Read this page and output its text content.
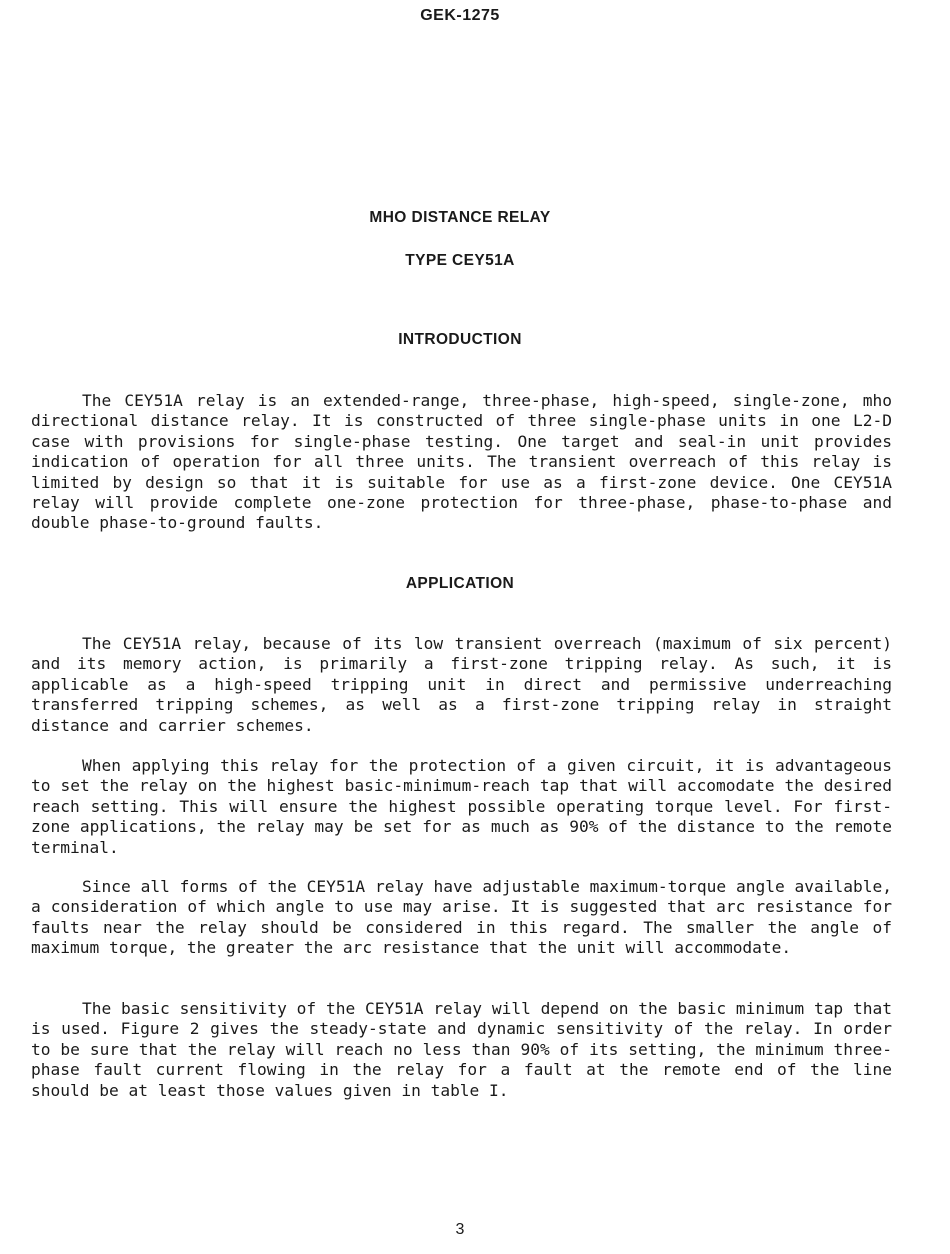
GEK-1275
MHO DISTANCE RELAY
TYPE CEY51A
INTRODUCTION

The CEY51A relay is an extended-range, three-phase, high-speed, single-zone, mho directional distance relay. It is constructed of three single-phase units in one L2-D case with provisions for single-phase testing. One target and seal-in unit provides indication of operation for all three units. The transient overreach of this relay is limited by design so that it is suitable for use as a first-zone device. One CEY51A relay will provide complete one-zone protection for three-phase, phase-to-phase and double phase-to-ground faults.

APPLICATION

The CEY51A relay, because of its low transient overreach (maximum of six percent) and its memory action, is primarily a first-zone tripping relay. As such, it is applicable as a high-speed tripping unit in direct and permissive underreaching transferred tripping schemes, as well as a first-zone tripping relay in straight distance and carrier schemes.

When applying this relay for the protection of a given circuit, it is advantageous to set the relay on the highest basic-minimum-reach tap that will accomodate the desired reach setting. This will ensure the highest possible operating torque level. For first-zone applications, the relay may be set for as much as 90% of the distance to the remote terminal.

Since all forms of the CEY51A relay have adjustable maximum-torque angle available, a consideration of which angle to use may arise. It is suggested that arc resistance for faults near the relay should be considered in this regard. The smaller the angle of maximum torque, the greater the arc resistance that the unit will accommodate.

The basic sensitivity of the CEY51A relay will depend on the basic minimum tap that is used. Figure 2 gives the steady-state and dynamic sensitivity of the relay. In order to be sure that the relay will reach no less than 90% of its setting, the minimum three-phase fault current flowing in the relay for a fault at the remote end of the line should be at least those values given in table I.

3
